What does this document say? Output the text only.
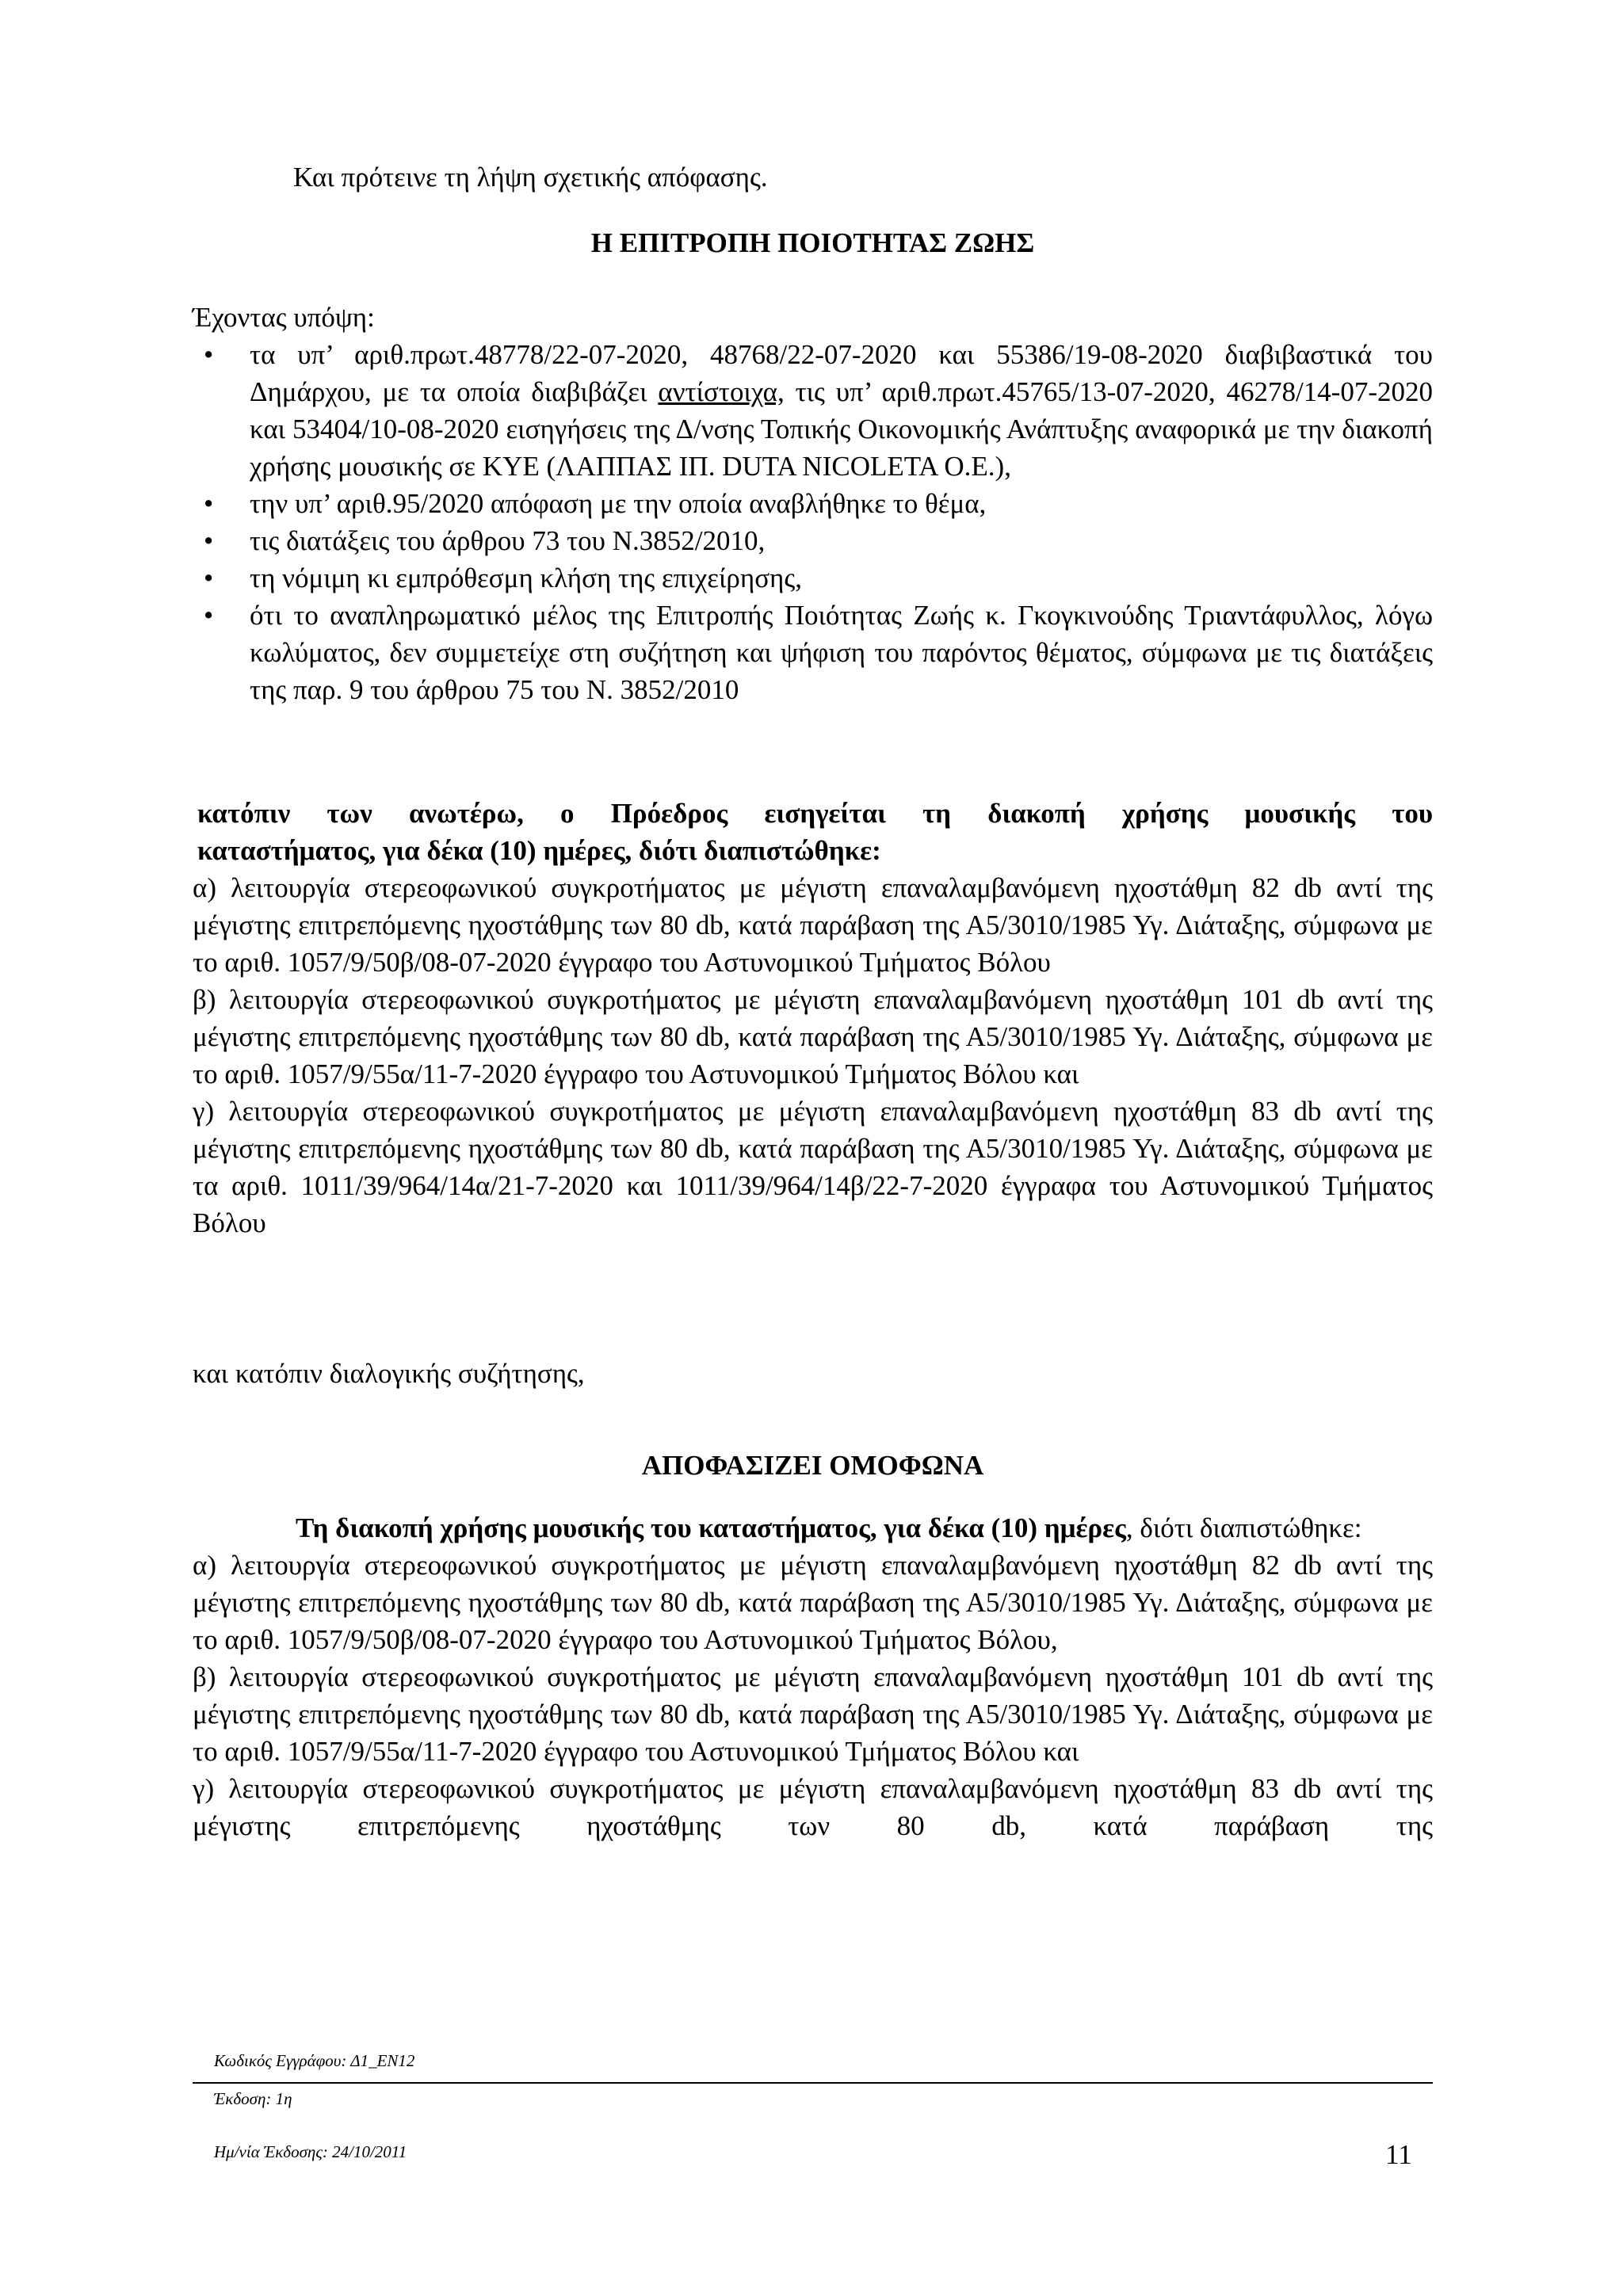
Και πρότεινε τη λήψη σχετικής απόφασης.

Η ΕΠΙΤΡΟΠΗ ΠΟΙΟΤΗΤΑΣ ΖΩΗΣ

Έχοντας υπόψη:

• τα υπ’ αριθ.πρωτ.48778/22-07-2020, 48768/22-07-2020 και 55386/19-08-2020 διαβιβαστικά του Δημάρχου, με τα οποία διαβιβάζει αντίστοιχα, τις υπ’ αριθ.πρωτ.45765/13-07-2020, 46278/14-07-2020 και 53404/10-08-2020 εισηγήσεις της Δ/νσης Τοπικής Οικονομικής Ανάπτυξης αναφορικά με την διακοπή χρήσης μουσικής σε ΚΥΕ (ΛΑΠΠΑΣ ΙΠ. DUTA NICOLETA Ο.Ε.),
• την υπ’ αριθ.95/2020 απόφαση με την οποία αναβλήθηκε το θέμα,
• τις διατάξεις του άρθρου 73 του Ν.3852/2010,
• τη νόμιμη κι εμπρόθεσμη κλήση της επιχείρησης,
• ότι το αναπληρωματικό μέλος της Επιτροπής Ποιότητας Ζωής κ. Γκογκινούδης Τριαντάφυλλος, λόγω κωλύματος, δεν συμμετείχε στη συζήτηση και ψήφιση του παρόντος θέματος, σύμφωνα με τις διατάξεις της παρ. 9 του άρθρου 75 του Ν. 3852/2010

κατόπιν των ανωτέρω, ο Πρόεδρος εισηγείται τη διακοπή χρήσης μουσικής του

καταστήματος, για δέκα (10) ημέρες, διότι διαπιστώθηκε:

α) λειτουργία στερεοφωνικού συγκροτήματος με μέγιστη επαναλαμβανόμενη ηχοστάθμη 82 db αντί της μέγιστης επιτρεπόμενης ηχοστάθμης των 80 db, κατά παράβαση της Α5/3010/1985 Υγ. Διάταξης, σύμφωνα με το αριθ. 1057/9/50β/08-07-2020 έγγραφο του Αστυνομικού Τμήματος Βόλου

β) λειτουργία στερεοφωνικού συγκροτήματος με μέγιστη επαναλαμβανόμενη ηχοστάθμη 101 db αντί της μέγιστης επιτρεπόμενης ηχοστάθμης των 80 db, κατά παράβαση της Α5/3010/1985 Υγ. Διάταξης, σύμφωνα με το αριθ. 1057/9/55α/11-7-2020 έγγραφο του Αστυνομικού Τμήματος Βόλου και

γ) λειτουργία στερεοφωνικού συγκροτήματος με μέγιστη επαναλαμβανόμενη ηχοστάθμη 83 db αντί της μέγιστης επιτρεπόμενης ηχοστάθμης των 80 db, κατά παράβαση της Α5/3010/1985 Υγ. Διάταξης, σύμφωνα με τα αριθ. 1011/39/964/14α/21-7-2020 και 1011/39/964/14β/22-7-2020 έγγραφα του Αστυνομικού Τμήματος Βόλου

και κατόπιν διαλογικής συζήτησης,

ΑΠΟΦΑΣΙΖΕΙ ΟΜΟΦΩΝΑ

Τη διακοπή χρήσης μουσικής του καταστήματος, για δέκα (10) ημέρες, διότι διαπιστώθηκε:

α) λειτουργία στερεοφωνικού συγκροτήματος με μέγιστη επαναλαμβανόμενη ηχοστάθμη 82 db αντί της μέγιστης επιτρεπόμενης ηχοστάθμης των 80 db, κατά παράβαση της Α5/3010/1985 Υγ. Διάταξης, σύμφωνα με το αριθ. 1057/9/50β/08-07-2020 έγγραφο του Αστυνομικού Τμήματος Βόλου,

β) λειτουργία στερεοφωνικού συγκροτήματος με μέγιστη επαναλαμβανόμενη ηχοστάθμη 101 db αντί της μέγιστης επιτρεπόμενης ηχοστάθμης των 80 db, κατά παράβαση της Α5/3010/1985 Υγ. Διάταξης, σύμφωνα με το αριθ. 1057/9/55α/11-7-2020 έγγραφο του Αστυνομικού Τμήματος Βόλου και

γ) λειτουργία στερεοφωνικού συγκροτήματος με μέγιστη επαναλαμβανόμενη ηχοστάθμη 83 db αντί της μέγιστης επιτρεπόμενης ηχοστάθμης των 80 db, κατά παράβαση της

Κωδικός Εγγράφου: Δ1_ΕΝ12
Έκδοση: 1η
Ημ/νία Έκδοσης: 24/10/2011	11
